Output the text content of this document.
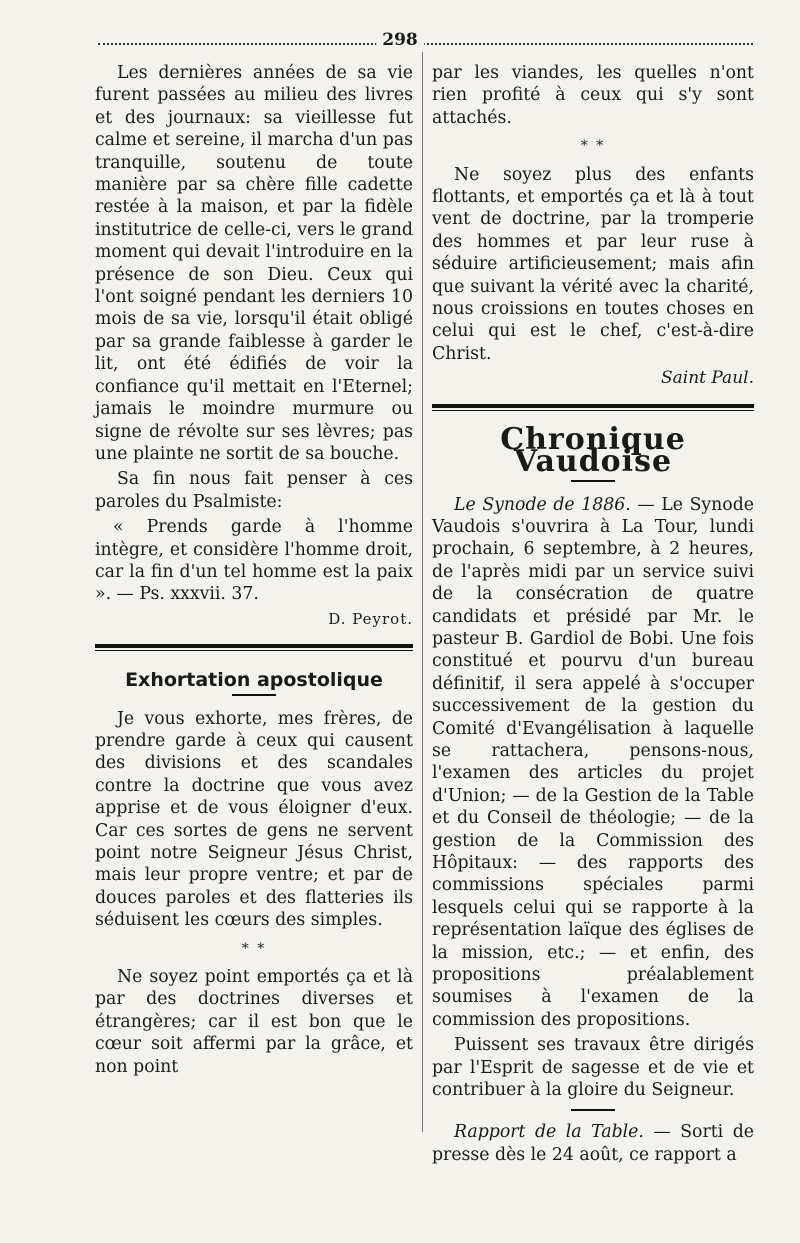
298

Les dernières années de sa vie furent passées au milieu des livres et des journaux: sa vieillesse fut calme et sereine, il marcha d'un pas tranquille, soutenu de toute manière par sa chère fille cadette restée à la maison, et par la fidèle institutrice de celle-ci, vers le grand moment qui devait l'introduire en la présence de son Dieu. Ceux qui l'ont soigné pendant les derniers 10 mois de sa vie, lorsqu'il était obligé par sa grande faiblesse à garder le lit, ont été édifiés de voir la confiance qu'il mettait en l'Eternel; jamais le moindre murmure ou signe de révolte sur ses lèvres; pas une plainte ne sortit de sa bouche.

Sa fin nous fait penser à ces paroles du Psalmiste:

« Prends garde à l'homme intègre, et considère l'homme droit, car la fin d'un tel homme est la paix ». — Ps. xxxvii. 37.

D. Peyrot.
Exhortation apostolique

Je vous exhorte, mes frères, de prendre garde à ceux qui causent des divisions et des scandales contre la doctrine que vous avez apprise et de vous éloigner d'eux. Car ces sortes de gens ne servent point notre Seigneur Jésus Christ, mais leur propre ventre; et par de douces paroles et des flatteries ils séduisent les cœurs des simples.

* *

Ne soyez point emportés ça et là par des doctrines diverses et étrangères; car il est bon que le cœur soit affermi par la grâce, et non point

par les viandes, les quelles n'ont rien profité à ceux qui s'y sont attachés.

* *

Ne soyez plus des enfants flottants, et emportés ça et là à tout vent de doctrine, par la tromperie des hommes et par leur ruse à séduire artificieusement; mais afin que suivant la vérité avec la charité, nous croissions en toutes choses en celui qui est le chef, c'est-à-dire Christ.

Saint Paul.
Chronique Vaudoise

Le Synode de 1886. — Le Synode Vaudois s'ouvrira à La Tour, lundi prochain, 6 septembre, à 2 heures, de l'après midi par un service suivi de la consécration de quatre candidats et présidé par Mr. le pasteur B. Gardiol de Bobi. Une fois constitué et pourvu d'un bureau définitif, il sera appelé à s'occuper successivement de la gestion du Comité d'Evangélisation à laquelle se rattachera, pensons-nous, l'examen des articles du projet d'Union; — de la Gestion de la Table et du Conseil de théologie; — de la gestion de la Commission des Hôpitaux: — des rapports des commissions spéciales parmi lesquels celui qui se rapporte à la représentation laïque des églises de la mission, etc.; — et enfin, des propositions préalablement soumises à l'examen de la commission des propositions.

Puissent ses travaux être dirigés par l'Esprit de sagesse et de vie et contribuer à la gloire du Seigneur.

Rapport de la Table. — Sorti de presse dès le 24 août, ce rapport a
